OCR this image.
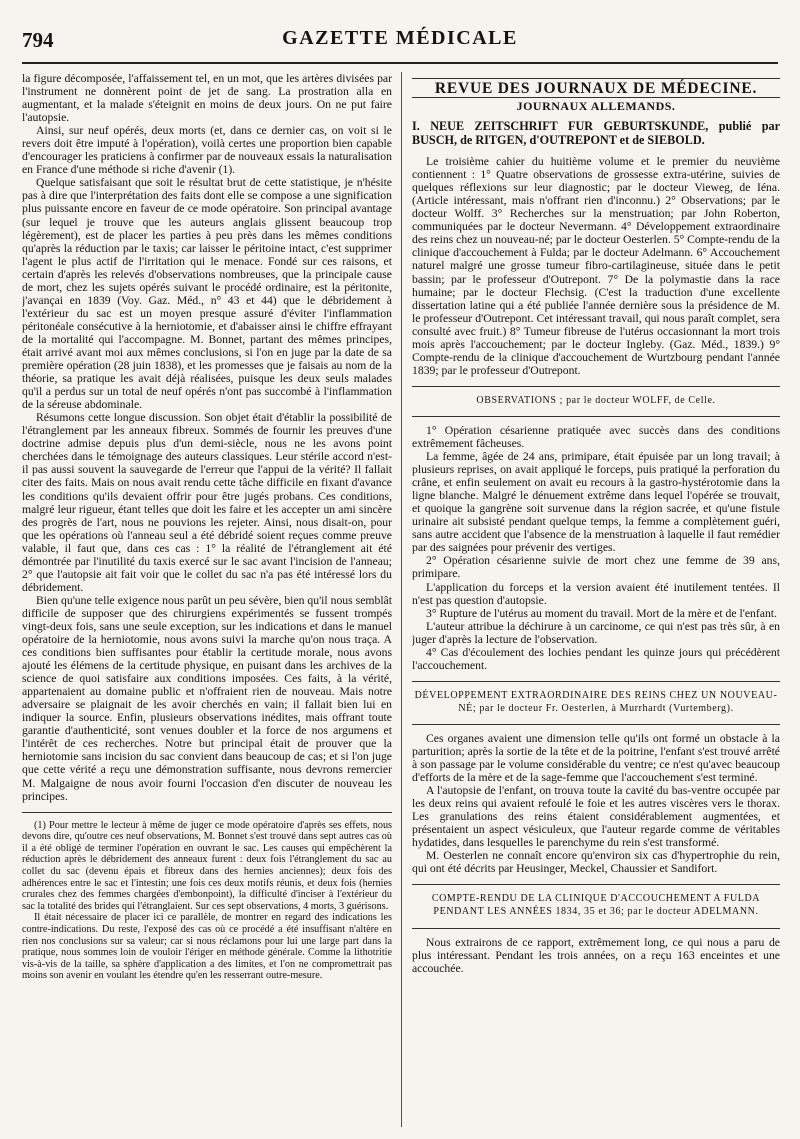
794	GAZETTE MÉDICALE

la figure décomposée, l'affaissement tel, en un mot, que les artères divisées par l'instrument ne donnèrent point de jet de sang. La prostration alla en augmentant, et la malade s'éteignit en moins de deux jours. On ne put faire l'autopsie.

Ainsi, sur neuf opérés, deux morts (et, dans ce dernier cas, on voit si le revers doit être imputé à l'opération), voilà certes une proportion bien capable d'encourager les praticiens à confirmer par de nouveaux essais la naturalisation en France d'une méthode si riche d'avenir (1).

Quelque satisfaisant que soit le résultat brut de cette statistique, je n'hésite pas à dire que l'interprétation des faits dont elle se compose a une signification plus puissante encore en faveur de ce mode opératoire. Son principal avantage (sur lequel je trouve que les auteurs anglais glissent beaucoup trop légèrement), est de placer les parties à peu près dans les mêmes conditions qu'après la réduction par le taxis; car laisser le péritoine intact, c'est supprimer l'agent le plus actif de l'irritation qui le menace. Fondé sur ces raisons, et certain d'après les relevés d'observations nombreuses, que la principale cause de mort, chez les sujets opérés suivant le procédé ordinaire, est la péritonite, j'avançai en 1839 (Voy. Gaz. Méd., n° 43 et 44) que le débridement à l'extérieur du sac est un moyen presque assuré d'éviter l'inflammation péritonéale consécutive à la herniotomie, et d'abaisser ainsi le chiffre effrayant de la mortalité qui l'accompagne. M. Bonnet, partant des mêmes principes, était arrivé avant moi aux mêmes conclusions, si l'on en juge par la date de sa première opération (28 juin 1838), et les promesses que je faisais au nom de la théorie, sa pratique les avait déjà réalisées, puisque les deux seuls malades qu'il a perdus sur un total de neuf opérés n'ont pas succombé à l'inflammation de la séreuse abdominale.

Résumons cette longue discussion. Son objet était d'établir la possibilité de l'étranglement par les anneaux fibreux. Sommés de fournir les preuves d'une doctrine admise depuis plus d'un demi-siècle, nous ne les avons point cherchées dans le témoignage des auteurs classiques. Leur stérile accord n'est-il pas aussi souvent la sauvegarde de l'erreur que l'appui de la vérité? Il fallait citer des faits. Mais on nous avait rendu cette tâche difficile en fixant d'avance les conditions qu'ils devaient offrir pour être jugés probans. Ces conditions, malgré leur rigueur, étant telles que doit les faire et les accepter un ami sincère des progrès de l'art, nous ne pouvions les rejeter. Ainsi, nous disait-on, pour que les opérations où l'anneau seul a été débridé soient reçues comme preuve valable, il faut que, dans ces cas : 1° la réalité de l'étranglement ait été démontrée par l'inutilité du taxis exercé sur le sac avant l'incision de l'anneau; 2° que l'autopsie ait fait voir que le collet du sac n'a pas été intéressé lors du débridement.

Bien qu'une telle exigence nous parût un peu sévère, bien qu'il nous semblât difficile de supposer que des chirurgiens expérimentés se fussent trompés vingt-deux fois, sans une seule exception, sur les indications et dans le manuel opératoire de la herniotomie, nous avons suivi la marche qu'on nous traça. A ces conditions bien suffisantes pour établir la certitude morale, nous avons ajouté les élémens de la certitude physique, en puisant dans les archives de la science de quoi satisfaire aux conditions imposées. Ces faits, à la vérité, appartenaient au domaine public et n'offraient rien de nouveau. Mais notre adversaire se plaignait de les avoir cherchés en vain; il fallait bien lui en indiquer la source. Enfin, plusieurs observations inédites, mais offrant toute garantie d'authenticité, sont venues doubler et la force de nos argumens et l'intérêt de ces recherches. Notre but principal était de prouver que la herniotomie sans incision du sac convient dans beaucoup de cas; et si l'on juge que cette vérité a reçu une démonstration suffisante, nous devrons remercier M. Malgaigne de nous avoir fourni l'occasion d'en discuter de nouveau les principes.

(1) Pour mettre le lecteur à même de juger ce mode opératoire d'après ses effets, nous devons dire, qu'outre ces neuf observations, M. Bonnet s'est trouvé dans sept autres cas où il a été obligé de terminer l'opération en ouvrant le sac. Les causes qui empêchèrent la réduction après le débridement des anneaux furent : deux fois l'étranglement du sac au collet du sac (devenu épais et fibreux dans des hernies anciennes); deux fois des adhérences entre le sac et l'intestin; une fois ces deux motifs réunis, et deux fois (hernies crurales chez des femmes chargées d'embonpoint), la difficulté d'inciser à l'extérieur du sac la totalité des brides qui l'étranglaient. Sur ces sept observations, 4 morts, 3 guérisons.

Il était nécessaire de placer ici ce parallèle, de montrer en regard des indications les contre-indications. Du reste, l'exposé des cas où ce procédé a été insuffisant n'altère en rien nos conclusions sur sa valeur; car si nous réclamons pour lui une large part dans la pratique, nous sommes loin de vouloir l'ériger en méthode générale. Comme la lithotritie vis-à-vis de la taille, sa sphère d'application a des limites, et l'on ne compromettrait pas moins son avenir en voulant les étendre qu'en les resserrant outre-mesure.

REVUE DES JOURNAUX DE MÉDECINE.
JOURNAUX ALLEMANDS.

I. NEUE ZEITSCHRIFT FUR GEBURTSKUNDE, publié par BUSCH, de RITGEN, d'OUTREPONT et de SIEBOLD.

Le troisième cahier du huitième volume et le premier du neuvième contiennent : 1° Quatre observations de grossesse extra-utérine, suivies de quelques réflexions sur leur diagnostic; par le docteur Vieweg, de Iéna. (Article intéressant, mais n'offrant rien d'inconnu.) 2° Observations; par le docteur Wolff. 3° Recherches sur la menstruation; par John Roberton, communiquées par le docteur Nevermann. 4° Développement extraordinaire des reins chez un nouveau-né; par le docteur Oesterlen. 5° Compte-rendu de la clinique d'accouchement à Fulda; par le docteur Adelmann. 6° Accouchement naturel malgré une grosse tumeur fibro-cartilagineuse, située dans le petit bassin; par le professeur d'Outrepont. 7° De la polymastie dans la race humaine; par le docteur Flechsig. (C'est la traduction d'une excellente dissertation latine qui a été publiée l'année dernière sous la présidence de M. le professeur d'Outrepont. Cet intéressant travail, qui nous paraît complet, sera consulté avec fruit.) 8° Tumeur fibreuse de l'utérus occasionnant la mort trois mois après l'accouchement; par le docteur Ingleby. (Gaz. Méd., 1839.) 9° Compte-rendu de la clinique d'accouchement de Wurtzbourg pendant l'année 1839; par le professeur d'Outrepont.

OBSERVATIONS ; par le docteur WOLFF, de Celle.

1° Opération césarienne pratiquée avec succès dans des conditions extrêmement fâcheuses.

La femme, âgée de 24 ans, primipare, était épuisée par un long travail; à plusieurs reprises, on avait appliqué le forceps, puis pratiqué la perforation du crâne, et enfin seulement on avait eu recours à la gastro-hystérotomie dans la ligne blanche. Malgré le dénuement extrême dans lequel l'opérée se trouvait, et quoique la gangrène soit survenue dans la région sacrée, et qu'une fistule urinaire ait subsisté pendant quelque temps, la femme a complètement guéri, sans autre accident que l'absence de la menstruation à laquelle il faut remédier par des saignées pour prévenir des vertiges.

2° Opération césarienne suivie de mort chez une femme de 39 ans, primipare.

L'application du forceps et la version avaient été inutilement tentées. Il n'est pas question d'autopsie.

3° Rupture de l'utérus au moment du travail. Mort de la mère et de l'enfant.

L'auteur attribue la déchirure à un carcinome, ce qui n'est pas très sûr, à en juger d'après la lecture de l'observation.

4° Cas d'écoulement des lochies pendant les quinze jours qui précédèrent l'accouchement.

DÉVELOPPEMENT EXTRAORDINAIRE DES REINS CHEZ UN NOUVEAU-NÉ; par le docteur Fr. Oesterlen, à Murrhardt (Vurtemberg).

Ces organes avaient une dimension telle qu'ils ont formé un obstacle à la parturition; après la sortie de la tête et de la poitrine, l'enfant s'est trouvé arrêté à son passage par le volume considérable du ventre; ce n'est qu'avec beaucoup d'efforts de la mère et de la sage-femme que l'accouchement s'est terminé.

A l'autopsie de l'enfant, on trouva toute la cavité du bas-ventre occupée par les deux reins qui avaient refoulé le foie et les autres viscères vers le thorax. Les granulations des reins étaient considérablement augmentées, et présentaient un aspect vésiculeux, que l'auteur regarde comme de véritables hydatides, dans lesquelles le parenchyme du rein s'est transformé.

M. Oesterlen ne connaît encore qu'environ six cas d'hypertrophie du rein, qui ont été décrits par Heusinger, Meckel, Chaussier et Sandifort.

COMPTE-RENDU DE LA CLINIQUE D'ACCOUCHEMENT A FULDA PENDANT LES ANNÉES 1834, 35 et 36; par le docteur ADELMANN.

Nous extrairons de ce rapport, extrêmement long, ce qui nous a paru de plus intéressant. Pendant les trois années, on a reçu 163 enceintes et une accouchée.
